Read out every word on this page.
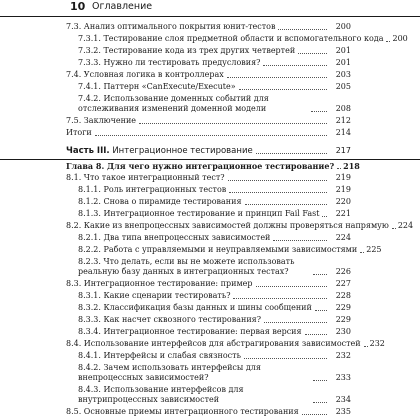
10 Оглавление
7.3. Анализ оптимального покрытия юнит-тестов	200
7.3.1. Тестирование слоя предметной области и вспомогательного кода 200
7.3.2. Тестирование кода из трех других четвертей	201
7.3.3. Нужно ли тестировать предусловия?	201
7.4. Условная логика в контроллерах	203
7.4.1. Паттерн «CanExecute/Execute»	205
7.4.2. Использование доменных событий для отслеживания изменений доменной модели	208
7.5. Заключение	212
Итоги	214
Часть III. Интеграционное тестирование	217
Глава 8. Для чего нужно интеграционное тестирование? 218
8.1. Что такое интеграционный тест?	219
8.1.1. Роль интеграционных тестов	219
8.1.2. Снова о пирамиде тестирования	220
8.1.3. Интеграционное тестирование и принцип Fail Fast	221
8.2. Какие из внепроцессных зависимостей должны проверяться напрямую 224
8.2.1. Два типа внепроцессных зависимостей	224
8.2.2. Работа с управляемыми и неуправляемыми зависимостями 225
8.2.3. Что делать, если вы не можете использовать реальную базу данных в интеграционных тестах?	226
8.3. Интеграционное тестирование: пример	227
8.3.1. Какие сценарии тестировать?	228
8.3.2. Классификация базы данных и шины сообщений	229
8.3.3. Как насчет сквозного тестирования?	229
8.3.4. Интеграционное тестирование: первая версия	230
8.4. Использование интерфейсов для абстрагирования зависимостей 232
8.4.1. Интерфейсы и слабая связность	232
8.4.2. Зачем использовать интерфейсы для внепроцессных зависимостей?	233
8.4.3. Использование интерфейсов для внутрипроцессных зависимостей	234
8.5. Основные приемы интеграционного тестирования	235
